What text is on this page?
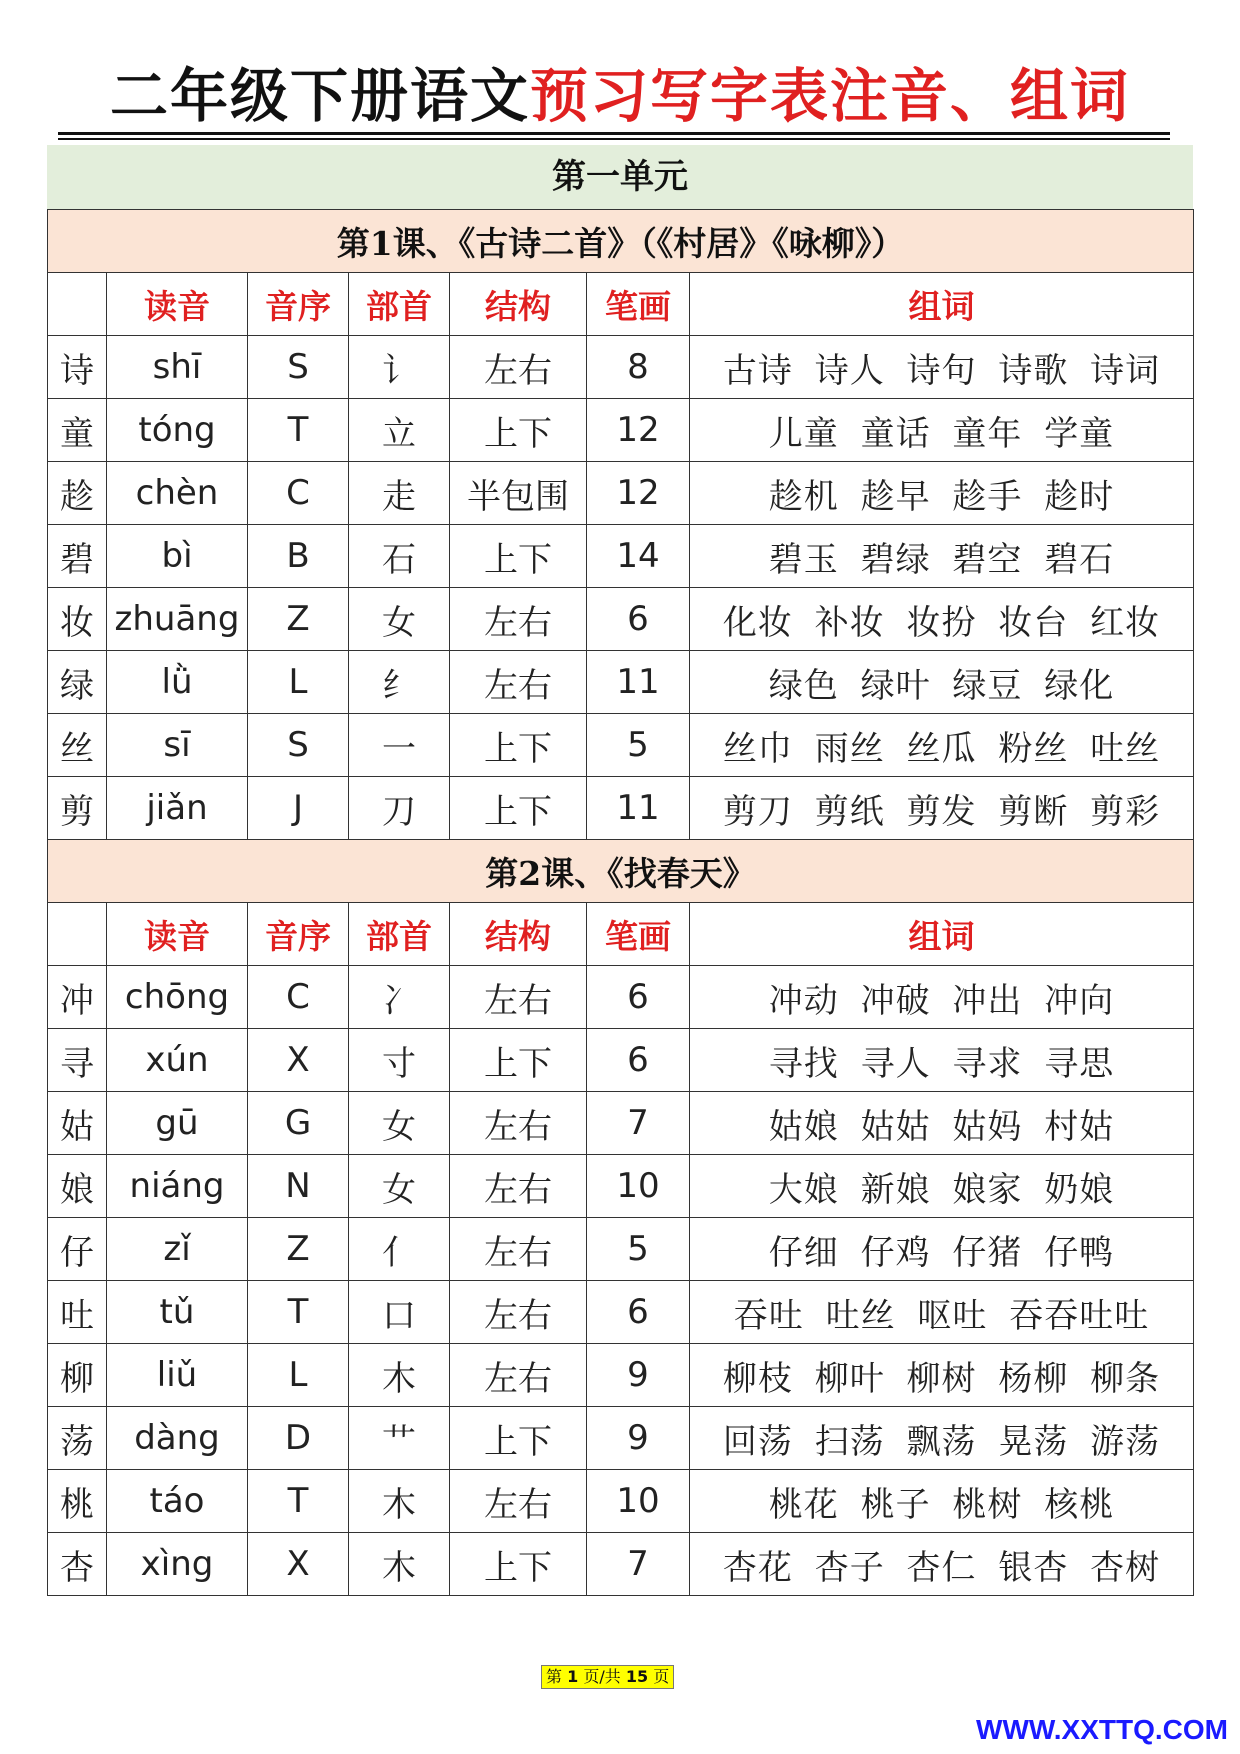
二年级下册语文预习写字表注音、组词
第一单元
第1课、《古诗二首》（《村居》《咏柳》）						
	读音	音序	部首	结构	笔画	组词
诗	shī	S	讠	左右	8	古诗 诗人 诗句 诗歌 诗词
童	tóng	T	立	上下	12	儿童 童话 童年 学童
趁	chèn	C	走	半包围	12	趁机 趁早 趁手 趁时
碧	bì	B	石	上下	14	碧玉 碧绿 碧空 碧石
妆	zhuāng	Z	女	左右	6	化妆 补妆 妆扮 妆台 红妆
绿	lǜ	L	纟	左右	11	绿色 绿叶 绿豆 绿化
丝	sī	S	一	上下	5	丝巾 雨丝 丝瓜 粉丝 吐丝
剪	jiǎn	J	刀	上下	11	剪刀 剪纸 剪发 剪断 剪彩
第2课、《找春天》						
	读音	音序	部首	结构	笔画	组词
冲	chōng	C	冫	左右	6	冲动 冲破 冲出 冲向
寻	xún	X	寸	上下	6	寻找 寻人 寻求 寻思
姑	gū	G	女	左右	7	姑娘 姑姑 姑妈 村姑
娘	niáng	N	女	左右	10	大娘 新娘 娘家 奶娘
仔	zǐ	Z	亻	左右	5	仔细 仔鸡 仔猪 仔鸭
吐	tǔ	T	口	左右	6	吞吐 吐丝 呕吐 吞吞吐吐
柳	liǔ	L	木	左右	9	柳枝 柳叶 柳树 杨柳 柳条
荡	dàng	D	艹	上下	9	回荡 扫荡 飘荡 晃荡 游荡
桃	táo	T	木	左右	10	桃花 桃子 桃树 核桃
杏	xìng	X	木	上下	7	杏花 杏子 杏仁 银杏 杏树
第 1 页/共 15 页
WWW.XXTTQ.COM
